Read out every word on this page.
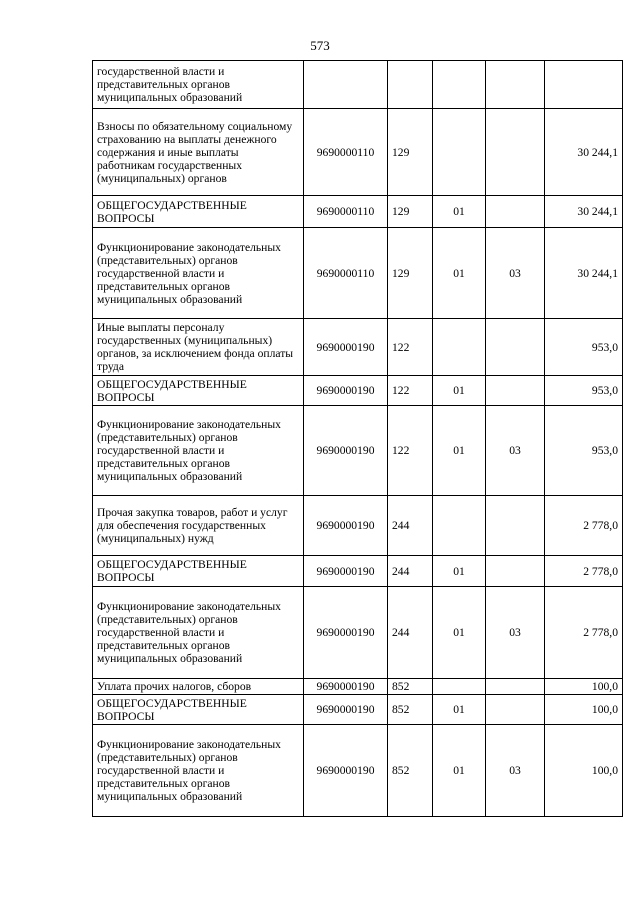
573
государственной власти и представительных органов муниципальных образований					
Взносы по обязательному социальному страхованию на выплаты денежного содержания и иные выплаты работникам государственных (муниципальных) органов	9690000110	129			30 244,1
ОБЩЕГОСУДАРСТВЕННЫЕ ВОПРОСЫ	9690000110	129	01		30 244,1
Функционирование законодательных (представительных) органов государственной власти и представительных органов муниципальных образований	9690000110	129	01	03	30 244,1
Иные выплаты персоналу государственных (муниципальных) органов, за исключением фонда оплаты труда	9690000190	122			953,0
ОБЩЕГОСУДАРСТВЕННЫЕ ВОПРОСЫ	9690000190	122	01		953,0
Функционирование законодательных (представительных) органов государственной власти и представительных органов муниципальных образований	9690000190	122	01	03	953,0
Прочая закупка товаров, работ и услуг для обеспечения государственных (муниципальных) нужд	9690000190	244			2 778,0
ОБЩЕГОСУДАРСТВЕННЫЕ ВОПРОСЫ	9690000190	244	01		2 778,0
Функционирование законодательных (представительных) органов государственной власти и представительных органов муниципальных образований	9690000190	244	01	03	2 778,0
Уплата прочих налогов, сборов	9690000190	852			100,0
ОБЩЕГОСУДАРСТВЕННЫЕ ВОПРОСЫ	9690000190	852	01		100,0
Функционирование законодательных (представительных) органов государственной власти и представительных органов муниципальных образований	9690000190	852	01	03	100,0
